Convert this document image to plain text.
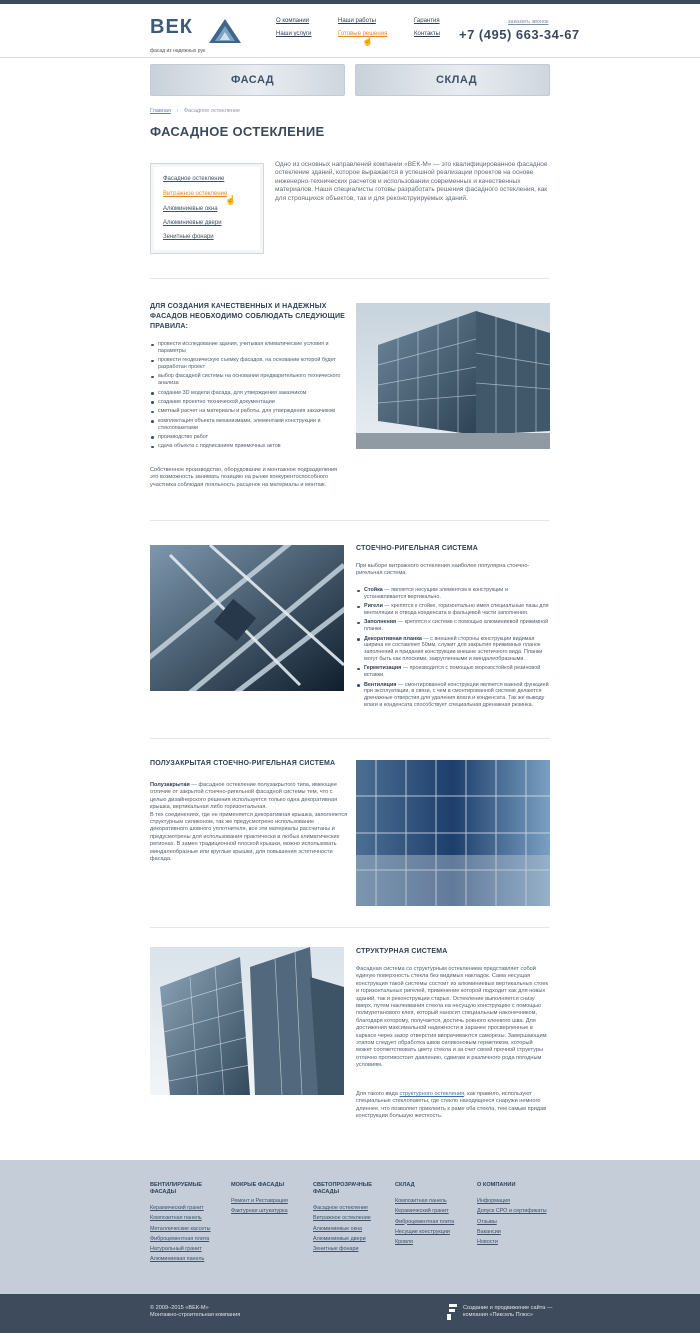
ВЕК
фасад из надежных рук
О компании	Наши работы	Гарантия
Наши услуги	Готовые решения	Контакты
☝
заказать звонок
+7 (495) 663-34-67
ФАСАД	СКЛАД
Главная › Фасадное остекление
ФАСАДНОЕ ОСТЕКЛЕНИЕ
Фасадное остекление
Витражное остекление
Алюминиевые окна
Алюминиевые двери
Зенитные фонари
☝
Одно из основных направлений компании «ВЕК-М» — это квалифицированное фасадное остекление зданий, которое выражается в успешной реализации проектов на основе инженерно-технических расчетов и использовании современных и качественных материалов. Наши специалисты готовы разработать решения фасадного остекления, как для строящихся объектов, так и для реконструируемых зданий.
ДЛЯ СОЗДАНИЯ КАЧЕСТВЕННЫХ И НАДЕЖНЫХ ФАСАДОВ НЕОБХОДИМО СОБЛЮДАТЬ СЛЕДУЮЩИЕ ПРАВИЛА:
провести исследование здания, учитывая климатические условия и параметры
провести геодезическую съемку фасадов, на основании которой будет разработан проект
выбор фасадной системы на основании предварительного технического анализа
создание 3D модели фасада, для утверждения заказчиком
создание проектно технической документации
сметный расчет на материалы и работы, для утверждения заказчиком
комплектация объекта механизмами, элементами конструкции и стеклопакетами
производство работ
сдача объекта с подписанием приемочных актов
Собственное производство, оборудование и монтажное подразделения это возможность занимать позицию на рынке конкурентоспособного участника соблюдая лояльность расценок на материалы и монтаж.
СТОЕЧНО-РИГЕЛЬНАЯ СИСТЕМА
При выборе витражного остекления наиболее популярна стоечно-ригельная система.
Стойка — является несущим элементом в конструкции и устанавливается вертикально.
Ригели — крепятся к стойке, горизонтально имея специальные пазы для вентиляции и отвода конденсата в фальцевой части заполнения.
Заполнения — крепятся к системе с помощью алюминиевой прижимной планки.
Декоративная планка — с внешней стороны конструкции видимая ширина ее составляет 50мм, служит для закрытия прижимных планок заполнений и придания конструкции внешне эстетичного вида. Планки могут быть как плоскими, закругленными и миндалеобразными.
Герметизация — производится с помощью морозостойкой резиновой вставки.
Вентиляция — смонтированной конструкции является важной функцией при эксплуатации, в связи, с чем в смонтированной системе делаются дренажные отверстия для удаления влаги и конденсата. Так же выводу влаги и конденсата способствует специальная дренажная резинка.
ПОЛУЗАКРЫТАЯ СТОЕЧНО-РИГЕЛЬНАЯ СИСТЕМА
Полузакрытая — фасадное остекление полузакрытого типа, имеющее отличие от закрытой стоечно-ригельной фасадной системы тем, что с целью дизайнерского решения используется только одна декоративная крышка, вертикальная либо горизонтальная.
В тех соединениях, где не применяется декоративная крышка, заполняется структурным силиконом, так же предусмотрено использование декоративного шовного уплотнителя, все эти материалы рассчитаны и предусмотрены для использования практически в любых климатических регионах. В замен традиционной плоской крышки, можно использовать миндалеобразные или круглые крышки, для повышения эстетичности фасада.
СТРУКТУРНАЯ СИСТЕМА
Фасадная система со структурным остеклением представляет собой единую поверхность стекла без видимых накладок. Сама несущая конструкция такой системы состоит из алюминиевых вертикальных стоек и горизонтальных ригелей, применение которой подходит как для новых зданий, так и реконструкции старых. Остекление выполняется снизу вверх, путем наклеивания стекла на несущую конструкцию с помощью полиуретанового клея, который наносит специальным наконечником, благодаря которому, получается, достичь ровного клеевого шва. Для достижения максимальной надежности в заранее просверленные в каркасе через зазор отверстия вворачиваются саморезы. Завершающим этапом следует обработка швов силиконовым герметиком, который может соответствовать цвету стекла и за счет своей прочной структуры отлично противостоит давлению, сдвигам и различного рода погодным условиям.
Для такого вида структурного остекления, как правило, используют специальные стеклопакеты, где стекло находящееся снаружи немного длиннее, что позволяет приклеить к раме оба стекла, тем самым придав конструкции большую жесткость.
ВЕНТИЛИРУЕМЫЕ ФАСАДЫ
Керамический гранит
Композитная панель
Металлические кассеты
Фиброцементная плита
Натуральный гранит
Алюминиевая панель
МОКРЫЕ ФАСАДЫ
Ремонт и Реставрация
Фактурная штукатурка
СВЕТОПРОЗРАЧНЫЕ ФАСАДЫ
Фасадное остекление
Витражное остекление
Алюминиевые окна
Алюминиевые двери
Зенитные фонари
СКЛАД
Композитная панель
Керамический гранит
Фиброцементная плита
Несущие конструкции
Кровля
О КОМПАНИИ
Информация
Допуск СРО и сертификаты
Отзывы
Вакансии
Новости
© 2009–2015 «ВЕК-М»
Монтажно-строительная компания
Создание и продвижение сайта —
компания «Пиксель Плюс»
